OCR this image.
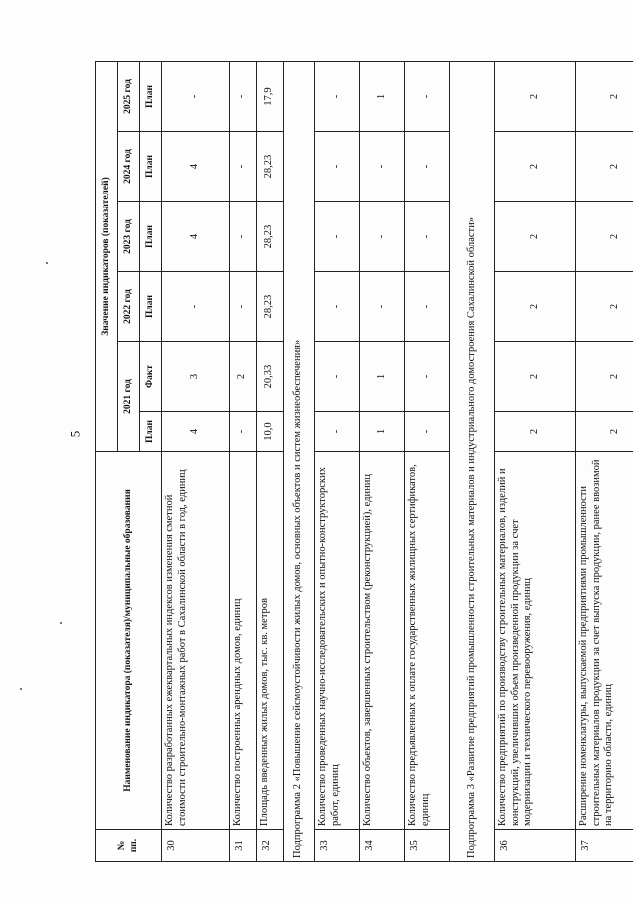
5
№ пп.	Наименование индикатора (показателя)/муниципальные образования	Значение индикаторов (показателей)					
		2021 год		2022 год	2023 год	2024 год	2025 год
		План	Факт	План	План	План	План
30	Количество разработанных ежеквартальных индексов изменения сметной стоимости строительно-монтажных работ в Сахалинской области в год, единиц	4	3	-	4	4	-
31	Количество построенных арендных домов, единиц	-	2	-	-	-	-
32	Площадь введенных жилых домов, тыс. кв. метров	10,0	20,33	28,23	28,23	28,23	17,9
Подпрограмма 2 «Повышение сейсмоустойчивости жилых домов, основных объектов и систем жизнеобеспечения»							
33	Количество проведенных научно-исследовательских и опытно-конструкторских работ, единиц	-	-	-	-	-	-
34	Количество объектов, завершенных строительством (реконструкцией), единиц	1	1	-	-	-	1
35	Количество предъявленных к оплате государственных жилищных сертификатов, единиц	-	-	-	-	-	-
Подпрограмма 3 «Развитие предприятий промышленности строительных материалов и индустриального домостроения Сахалинской области»							
36	Количество предприятий по производству строительных материалов, изделий и конструкций, увеличивших объем произведенной продукции за счет модернизации и технического перевооружения, единиц	2	2	2	2	2	2
37	Расширение номенклатуры, выпускаемой предприятиями промышленности строительных материалов продукции за счет выпуска продукции, ранее ввозимой на территорию области, единиц	2	2	2	2	2	2
